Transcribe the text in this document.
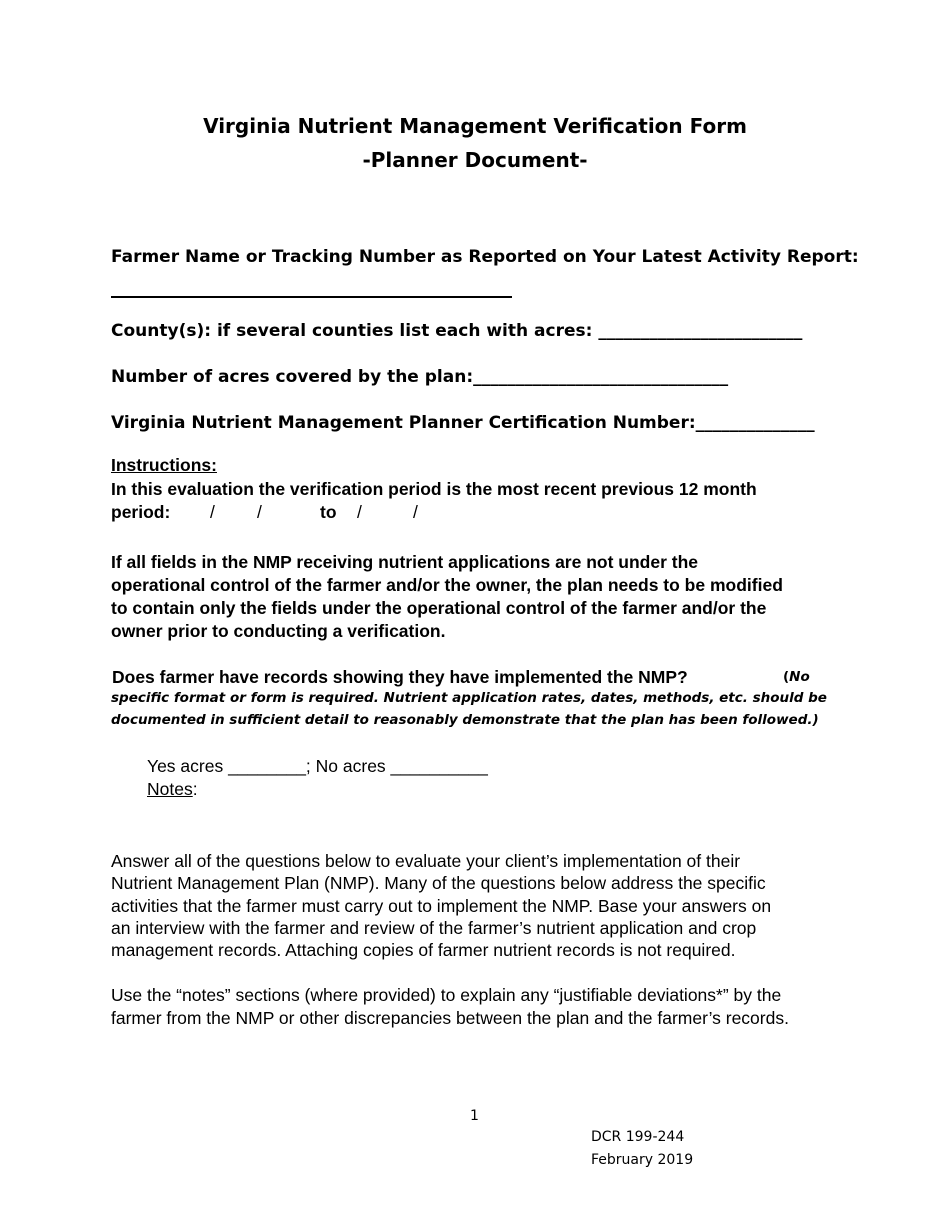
Virginia Nutrient Management Verification Form
-Planner Document-
Farmer Name or Tracking Number as Reported on Your Latest Activity Report:
County(s): if several counties list each with acres: ________________________
Number of acres covered by the plan:______________________________
Virginia Nutrient Management Planner Certification Number:______________
Instructions:
In this evaluation the verification period is the most recent previous 12 month
period: / /	to /	/
If all fields in the NMP receiving nutrient applications are not under the
operational control of the farmer and/or the owner, the plan needs to be modified
to contain only the fields under the operational control of the farmer and/or the
owner prior to conducting a verification.
Does farmer have records showing they have implemented the NMP?	(No
specific format or form is required. Nutrient application rates, dates, methods, etc. should be
documented in sufficient detail to reasonably demonstrate that the plan has been followed.)
Yes acres ________; No acres __________
Notes:
Answer all of the questions below to evaluate your client’s implementation of their
Nutrient Management Plan (NMP). Many of the questions below address the specific
activities that the farmer must carry out to implement the NMP. Base your answers on
an interview with the farmer and review of the farmer’s nutrient application and crop
management records. Attaching copies of farmer nutrient records is not required.
Use the “notes” sections (where provided) to explain any “justifiable deviations*” by the
farmer from the NMP or other discrepancies between the plan and the farmer’s records.
1
DCR 199-244
February 2019
